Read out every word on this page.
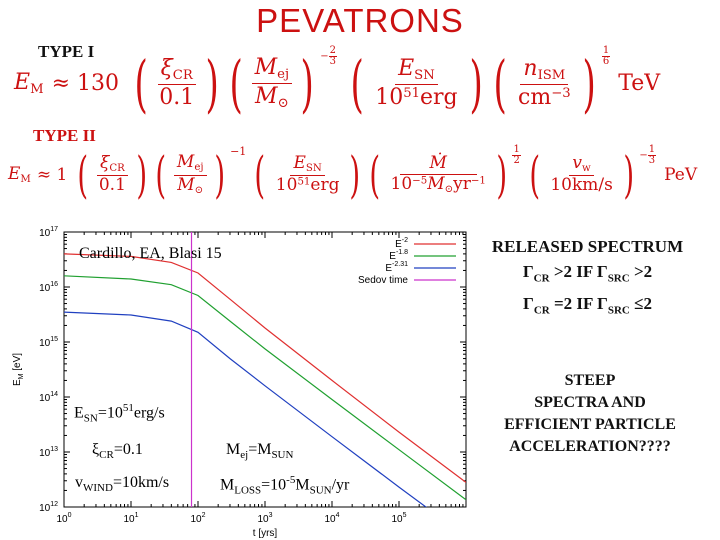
PEVATRONS
TYPE I
$E_M \approx 130$ ( $\frac{\xi_{CR}}{0.1}$ ) ( $\frac{M_{ej}}{M_⊙}$ ) − $\frac{2}{3}$ ( $\frac{E_{SN}}{10^{51}erg}$ ) ( $\frac{n_{ISM}}{cm^{-3}}$ ) 1
6
TeV
TYPE II
$E_M \approx 1$ ( $\frac{\xi_{CR}}{0.1}$ ) ( $\frac{M_{ej}}{M_⊙}$ ) −1 ( $\frac{E_{SN}}{10^{51}erg}$ ) ( $\frac{\text{Ṁ}}{10^{-5}M_⊙yr^{-1}}$ ) 1
2 ( $\frac{v_w}{10km/s}$ ) − $\frac{1}{3}$
PeV
$10^0$	$10^1$	$10^2$	$10^3$	$10^4$	$10^5$
$10^{12}$
$10^{13}$
$10^{14}$
$10^{15}$
$10^{16}$
$10^{17}$
$E^{-2}$
$E^{-1.8}$
$E^{-2.31}$
Sedov time
t [yrs]
$E_M$ [eV]
Cardillo, EA, Blasi 15
$E_{SN}=10^{51}erg/s$
$\xi_{CR}=0.1$	$M_{ej}=M_{SUN}$
$v_{WIND}=10km/s$	$M_{LOSS}=10^{-5}M_{SUN}/yr$
RELEASED SPECTRUM
$\Gamma_{CR} >2$ IF $\Gamma_{SRC} >2$
$\Gamma_{CR} =2$ IF $\Gamma_{SRC} \le 2$
STEEP
SPECTRA AND
EFFICIENT PARTICLE
ACCELERATION????
